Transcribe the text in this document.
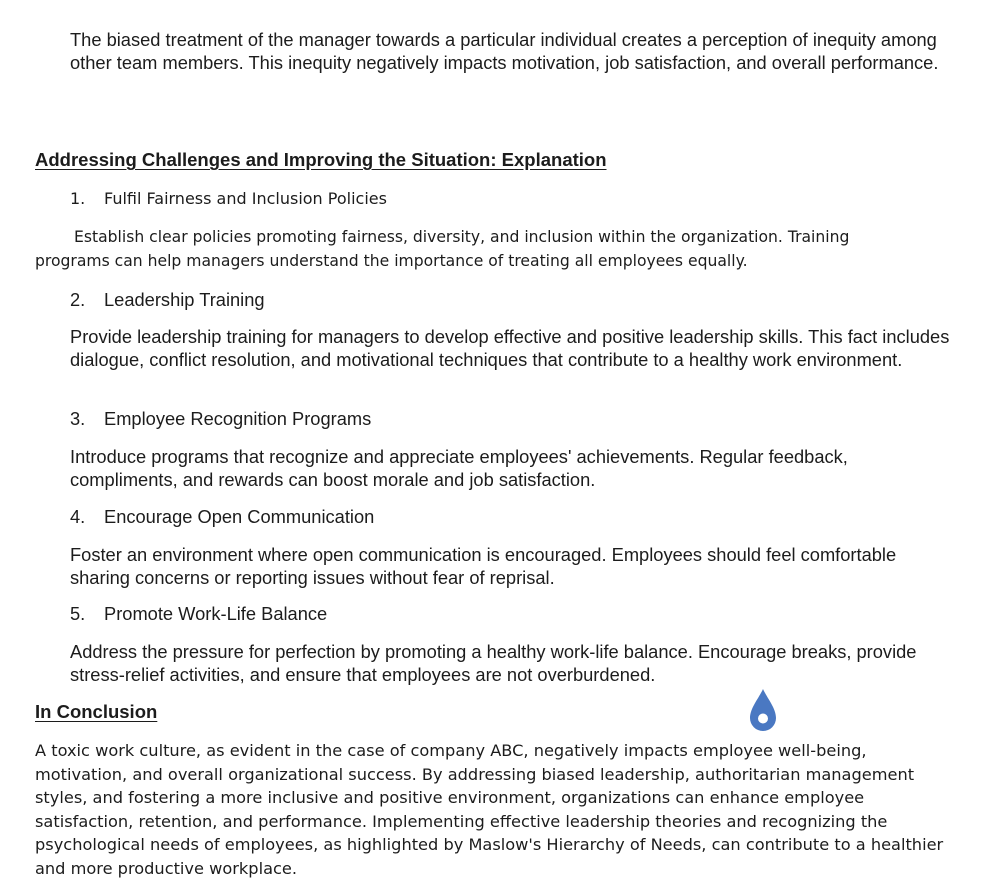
The biased treatment of the manager towards a particular individual creates a perception of inequity among other team members. This inequity negatively impacts motivation, job satisfaction, and overall performance.

Addressing Challenges and Improving the Situation: Explanation
1. Fulfil Fairness and Inclusion Policies

Establish clear policies promoting fairness, diversity, and inclusion within the organization. Training programs can help managers understand the importance of treating all employees equally.

2. Leadership Training

Provide leadership training for managers to develop effective and positive leadership skills. This fact includes dialogue, conflict resolution, and motivational techniques that contribute to a healthy work environment.

3. Employee Recognition Programs

Introduce programs that recognize and appreciate employees' achievements. Regular feedback, compliments, and rewards can boost morale and job satisfaction.

4. Encourage Open Communication

Foster an environment where open communication is encouraged. Employees should feel comfortable sharing concerns or reporting issues without fear of reprisal.

5. Promote Work-Life Balance

Address the pressure for perfection by promoting a healthy work-life balance. Encourage breaks, provide stress-relief activities, and ensure that employees are not overburdened.

In Conclusion

A toxic work culture, as evident in the case of company ABC, negatively impacts employee well-being, motivation, and overall organizational success. By addressing biased leadership, authoritarian management styles, and fostering a more inclusive and positive environment, organizations can enhance employee satisfaction, retention, and performance. Implementing effective leadership theories and recognizing the psychological needs of employees, as highlighted by Maslow's Hierarchy of Needs, can contribute to a healthier and more productive workplace.
